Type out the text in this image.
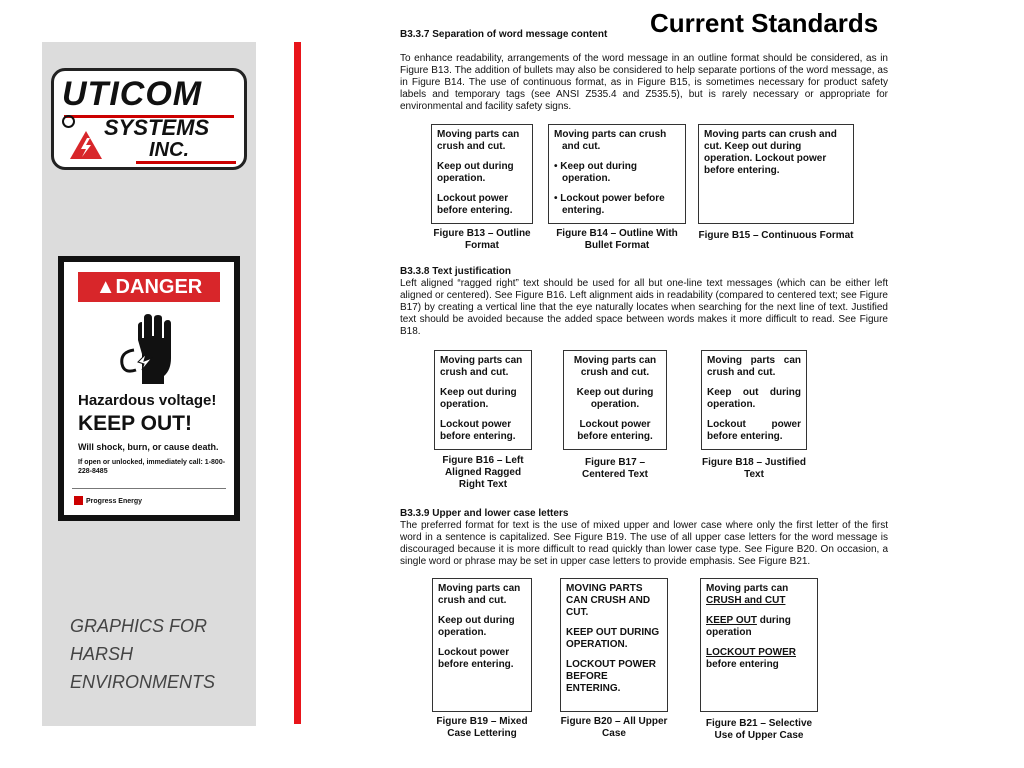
UTICOM
SYSTEMS
INC.
▲DANGER
Hazardous voltage!
KEEP OUT!
Will shock, burn, or cause death.
If open or unlocked, immediately call: 1-800-228-8485
Progress Energy
GRAPHICS FOR HARSH ENVIRONMENTS
Current Standards
B3.3.7 Separation of word message content
To enhance readability, arrangements of the word message in an outline format should be considered, as in Figure B13. The addition of bullets may also be considered to help separate portions of the word message, as in Figure B14. The use of continuous format, as in Figure B15, is sometimes necessary for product safety labels and temporary tags (see ANSI Z535.4 and Z535.5), but is rarely necessary or appropriate for environmental and facility safety signs.

Moving parts can crush and cut.

Keep out during operation.

Lockout power before entering.

Figure B13 – Outline Format

Moving parts can crush and cut.

• Keep out during operation.

• Lockout power before entering.

Figure B14 – Outline With Bullet Format

Moving parts can crush and cut. Keep out during operation. Lockout power before entering.

Figure B15 – Continuous Format
B3.3.8 Text justification
Left aligned “ragged right” text should be used for all but one-line text messages (which can be either left aligned or centered). See Figure B16. Left alignment aids in readability (compared to centered text; see Figure B17) by creating a vertical line that the eye naturally locates when searching for the next line of text. Justified text should be avoided because the added space between words makes it more difficult to read. See Figure B18.

Moving parts can crush and cut.

Keep out during operation.

Lockout power before entering.

Figure B16 – Left Aligned Ragged Right Text

Moving parts can crush and cut.

Keep out during operation.

Lockout power before entering.

Figure B17 – Centered Text

Moving parts can crush and cut.

Keep out during operation.

Lockout power before entering.

Figure B18 – Justified Text
B3.3.9 Upper and lower case letters
The preferred format for text is the use of mixed upper and lower case where only the first letter of the first word in a sentence is capitalized. See Figure B19. The use of all upper case letters for the word message is discouraged because it is more difficult to read quickly than lower case type. See Figure B20. On occasion, a single word or phrase may be set in upper case letters to provide emphasis. See Figure B21.

Moving parts can crush and cut.

Keep out during operation.

Lockout power before entering.

Figure B19 – Mixed Case Lettering

MOVING PARTS CAN CRUSH AND CUT.

KEEP OUT DURING OPERATION.

LOCKOUT POWER BEFORE ENTERING.

Figure B20 – All Upper Case

Moving parts can
CRUSH and CUT

KEEP OUT during
operation

LOCKOUT POWER
before entering

Figure B21 – Selective Use of Upper Case
